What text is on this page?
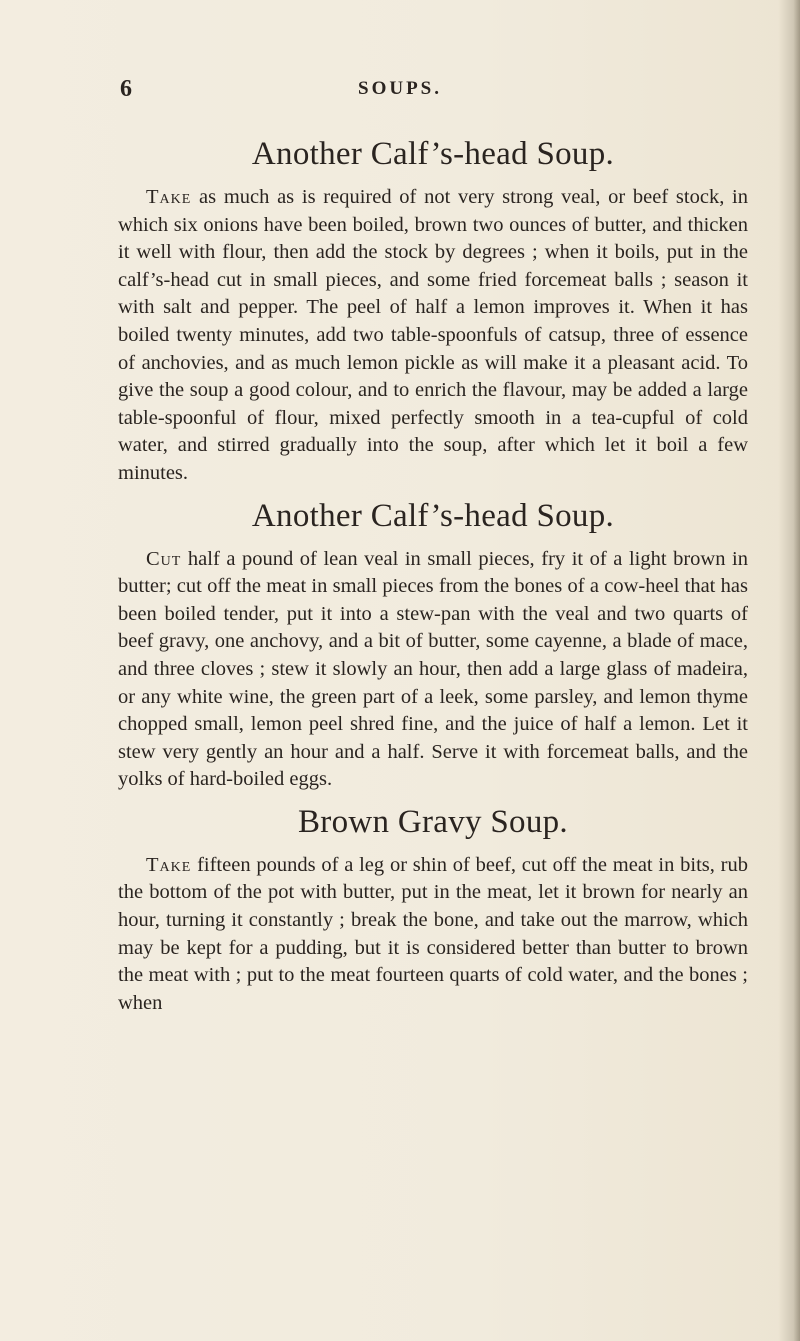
6	SOUPS.
Another Calf’s-head Soup.

Take as much as is required of not very strong veal, or beef stock, in which six onions have been boiled, brown two ounces of butter, and thicken it well with flour, then add the stock by degrees ; when it boils, put in the calf’s-head cut in small pieces, and some fried forcemeat balls ; season it with salt and pepper. The peel of half a lemon improves it. When it has boiled twenty minutes, add two table-spoonfuls of catsup, three of essence of anchovies, and as much lemon pickle as will make it a pleasant acid. To give the soup a good colour, and to enrich the flavour, may be added a large table-spoonful of flour, mixed perfectly smooth in a tea-cupful of cold water, and stirred gradually into the soup, after which let it boil a few minutes.

Another Calf’s-head Soup.

Cut half a pound of lean veal in small pieces, fry it of a light brown in butter; cut off the meat in small pieces from the bones of a cow-heel that has been boiled tender, put it into a stew-pan with the veal and two quarts of beef gravy, one anchovy, and a bit of butter, some cayenne, a blade of mace, and three cloves ; stew it slowly an hour, then add a large glass of madeira, or any white wine, the green part of a leek, some parsley, and lemon thyme chopped small, lemon peel shred fine, and the juice of half a lemon. Let it stew very gently an hour and a half. Serve it with forcemeat balls, and the yolks of hard-boiled eggs.

Brown Gravy Soup.

Take fifteen pounds of a leg or shin of beef, cut off the meat in bits, rub the bottom of the pot with butter, put in the meat, let it brown for nearly an hour, turning it constantly ; break the bone, and take out the marrow, which may be kept for a pudding, but it is considered better than butter to brown the meat with ; put to the meat fourteen quarts of cold water, and the bones ; when
